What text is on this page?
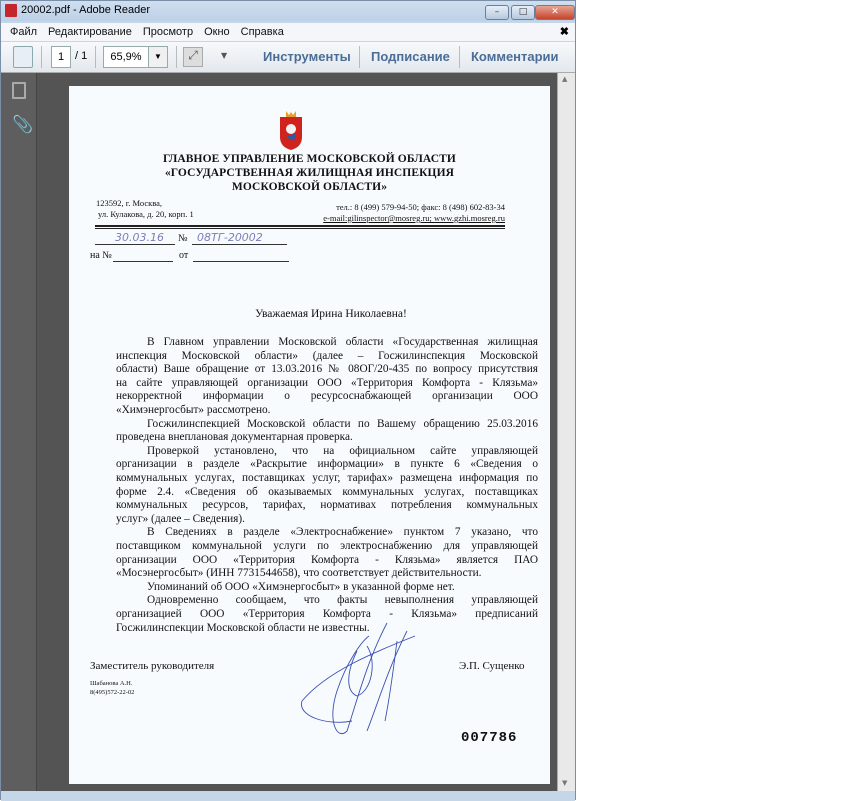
20002.pdf - Adobe Reader	–	□	✕
Файл Редактирование Просмотр Окно Справка	✖
1 / 1	65,9%	▼	⤢	▼	Инструменты Подписание Комментарии
📎
ГЛАВНОЕ УПРАВЛЕНИЕ МОСКОВСКОЙ ОБЛАСТИ
«ГОСУДАРСТВЕННАЯ ЖИЛИЩНАЯ ИНСПЕКЦИЯ
МОСКОВСКОЙ ОБЛАСТИ»
123592, г. Москва,
ул. Кулакова, д. 20, корп. 1
тел.: 8 (499) 579-94-50; факс: 8 (498) 602-83-34
e-mail:gilinspector@mosreg.ru; www.gzhi.mosreg.ru
30.03.16 № 08ТГ-20002
на №	от
Уважаемая Ирина Николаевна!
В Главном управлении Московской области «Государственная жилищная
инспекция Московской области» (далее – Госжилинспекция Московской
области) Ваше обращение от 13.03.2016 № 08ОГ/20-435 по вопросу присутствия
на сайте управляющей организации ООО «Территория Комфорта - Клязьма»
некорректной информации о ресурсоснабжающей организации ООО
«Химэнергосбыт» рассмотрено.
Госжилинспекцией Московской области по Вашему обращению 25.03.2016
проведена внеплановая документарная проверка.
Проверкой установлено, что на официальном сайте управляющей
организации в разделе «Раскрытие информации» в пункте 6 «Сведения о
коммунальных услугах, поставщиках услуг, тарифах» размещена информация по
форме 2.4. «Сведения об оказываемых коммунальных услугах, поставщиках
коммунальных ресурсов, тарифах, нормативах потребления коммунальных
услуг» (далее – Сведения).
В Сведениях в разделе «Электроснабжение» пунктом 7 указано, что
поставщиком коммунальной услуги по электроснабжению для управляющей
организации ООО «Территория Комфорта - Клязьма» является ПАО
«Мосэнергосбыт» (ИНН 7731544658), что соответствует действительности.
Упоминаний об ООО «Химэнергосбыт» в указанной форме нет.
Одновременно сообщаем, что факты невыполнения управляющей
организацией ООО «Территория Комфорта - Клязьма» предписаний
Госжилинспекции Московской области не известны.
Заместитель руководителя	Э.П. Сущенко
Шабанова А.Н.
8(495)572-22-02
007786
▲
▼
